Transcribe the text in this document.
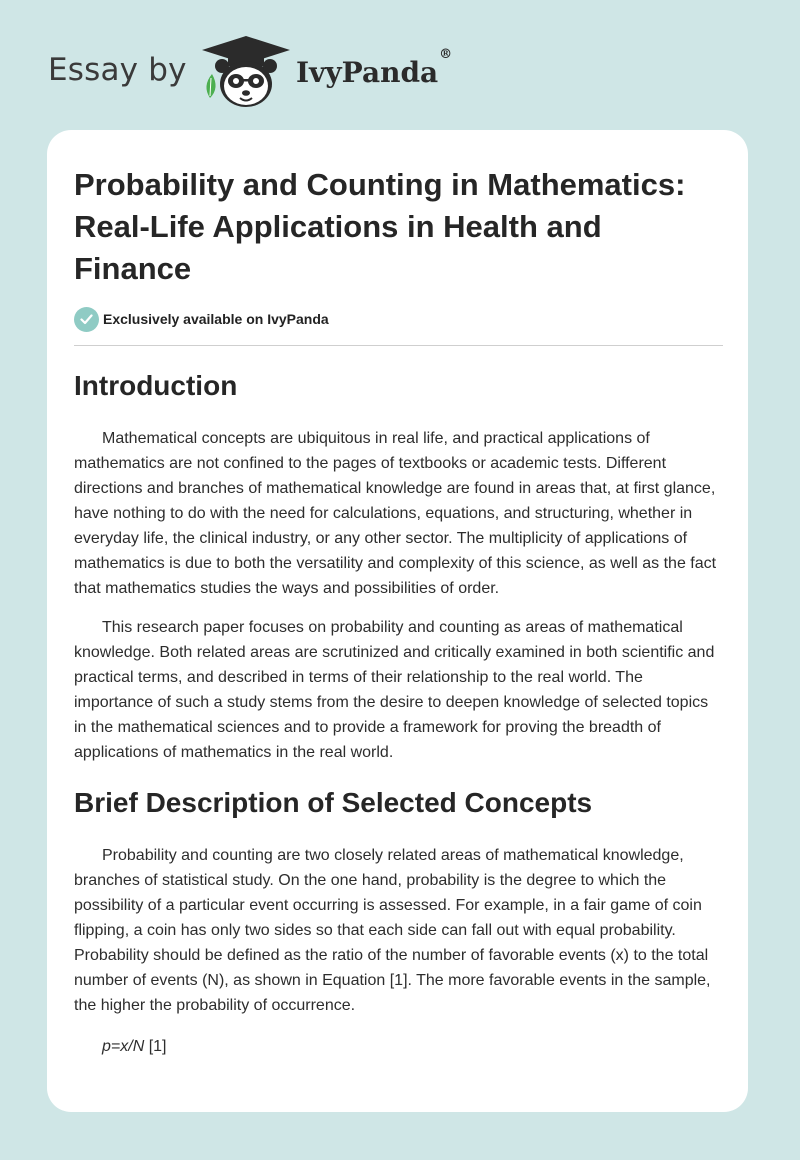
Essay by	IvyPanda®
Probability and Counting in Mathematics: Real-Life Applications in Health and Finance
Exclusively available on IvyPanda
Introduction

Mathematical concepts are ubiquitous in real life, and practical applications of mathematics are not confined to the pages of textbooks or academic tests. Different directions and branches of mathematical knowledge are found in areas that, at first glance, have nothing to do with the need for calculations, equations, and structuring, whether in everyday life, the clinical industry, or any other sector. The multiplicity of applications of mathematics is due to both the versatility and complexity of this science, as well as the fact that mathematics studies the ways and possibilities of order.

This research paper focuses on probability and counting as areas of mathematical knowledge. Both related areas are scrutinized and critically examined in both scientific and practical terms, and described in terms of their relationship to the real world. The importance of such a study stems from the desire to deepen knowledge of selected topics in the mathematical sciences and to provide a framework for proving the breadth of applications of mathematics in the real world.

Brief Description of Selected Concepts

Probability and counting are two closely related areas of mathematical knowledge, branches of statistical study. On the one hand, probability is the degree to which the possibility of a particular event occurring is assessed. For example, in a fair game of coin flipping, a coin has only two sides so that each side can fall out with equal probability. Probability should be defined as the ratio of the number of favorable events (x) to the total number of events (N), as shown in Equation [1]. The more favorable events in the sample, the higher the probability of occurrence.

p=x/N [1]
